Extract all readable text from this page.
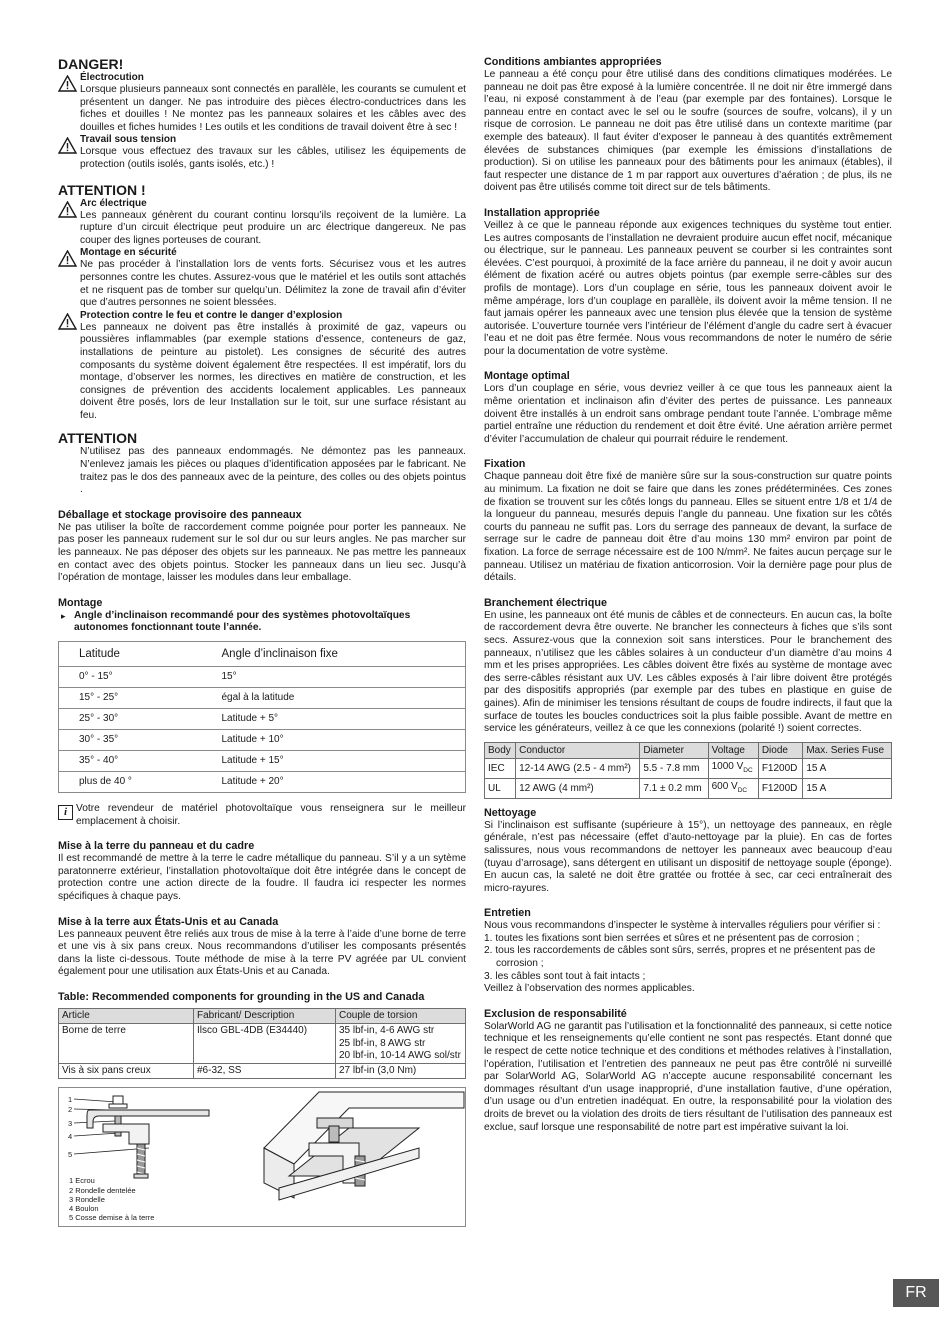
DANGER!
Électrocution

Lorsque plusieurs panneaux sont connectés en parallèle, les courants se cumulent et présentent un danger. Ne pas introduire des pièces électro-conductrices dans les fiches et douilles ! Ne montez pas les panneaux solaires et les câbles avec des douilles et fiches humides ! Les outils et les conditions de travail doivent être à sec !

Travail sous tension

Lorsque vous effectuez des travaux sur les câbles, utilisez les équipements de protection (outils isolés, gants isolés, etc.) !

ATTENTION !
Arc électrique

Les panneaux génèrent du courant continu lorsqu’ils reçoivent de la lumière. La rupture d’un circuit électrique peut produire un arc électrique dangereux. Ne pas couper des lignes porteuses de courant.

Montage en sécurité

Ne pas procéder à l’installation lors de vents forts. Sécurisez vous et les autres personnes contre les chutes. Assurez-vous que le matériel et les outils sont attachés et ne risquent pas de tomber sur quelqu’un. Délimitez la zone de travail afin d’éviter que d’autres personnes ne soient blessées.

Protection contre le feu et contre le danger d’explosion

Les panneaux ne doivent pas être installés à proximité de gaz, vapeurs ou poussières inflammables (par exemple stations d’essence, conteneurs de gaz, installations de peinture au pistolet). Les consignes de sécurité des autres composants du système doivent également être respectées. Il est impératif, lors du montage, d’observer les normes, les directives en matière de construction, et les consignes de prévention des accidents localement applicables. Les panneaux doivent être posés, lors de leur Installation sur le toit, sur une surface résistant au feu.

ATTENTION

N’utilisez pas des panneaux endommagés. Ne démontez pas les panneaux. N’enlevez jamais les pièces ou plaques d’identification apposées par le fabricant. Ne traitez pas le dos des panneaux avec de la peinture, des colles ou des objets pointus .

Déballage et stockage provisoire des panneaux

Ne pas utiliser la boîte de raccordement comme poignée pour porter les panneaux. Ne pas poser les panneaux rudement sur le sol dur ou sur leurs angles. Ne pas marcher sur les panneaux. Ne pas déposer des objets sur les panneaux. Ne pas mettre les panneaux en contact avec des objets pointus. Stocker les panneaux dans un lieu sec. Jusqu’à l’opération de montage, laisser les modules dans leur emballage.

Montage
▸ Angle d’inclinaison recommandé pour des systèmes photovoltaïques autonomes fonctionnant toute l’année.
Latitude	Angle d’inclinaison fixe
0° - 15°	15°
15° - 25°	égal à la latitude
25° - 30°	Latitude + 5°
30° - 35°	Latitude + 10°
35° - 40°	Latitude + 15°
plus de 40 °	Latitude + 20°
i Votre revendeur de matériel photovoltaïque vous renseignera sur le meilleur emplacement à choisir.

Mise à la terre du panneau et du cadre

Il est recommandé de mettre à la terre le cadre métallique du panneau. S’il y a un sytème paratonnerre extérieur, l’installation photovoltaïque doit être intégrée dans le concept de protection contre une action directe de la foudre. Il faudra ici respecter les normes spécifiques à chaque pays.

Mise à la terre aux États-Unis et au Canada

Les panneaux peuvent être reliés aux trous de mise à la terre à l’aide d’une borne de terre et une vis à six pans creux. Nous recommandons d’utiliser les composants présentés dans la liste ci-dessous. Toute méthode de mise à la terre PV agréée par UL convient également pour une utilisation aux États-Unis et au Canada.

Table: Recommended components for grounding in the US and Canada
Article	Fabricant/ Description	Couple de torsion
Borne de terre	Ilsco GBL-4DB (E34440)	35 lbf-in, 4-6 AWG str
25 lbf-in, 8 AWG str
20 lbf-in, 10-14 AWG sol/str

Vis à six pans creux	#6-32, SS	27 lbf-in (3,0 Nm)
1
2
3
4
5
1 Ecrou
2 Rondelle dentelée
3 Rondelle
4 Boulon
5 Cosse demise à la terre
Conditions ambiantes appropriées

Le panneau a été conçu pour être utilisé dans des conditions climatiques modérées. Le panneau ne doit pas être exposé à la lumière concentrée. Il ne doit nir être immergé dans l’eau, ni exposé constamment à de l’eau (par exemple par des fontaines). Lorsque le panneau entre en contact avec le sel ou le soufre (sources de soufre, volcans), il y un risque de corrosion. Le panneau ne doit pas être utilisé dans un contexte maritime (par exemple des bateaux). Il faut éviter d’exposer le panneau à des quantités extrêmement élevées de substances chimiques (par exemple les émissions d’installations de production). Si on utilise les panneaux pour des bâtiments pour les animaux (étables), il faut respecter une distance de 1 m par rapport aux ouvertures d’aération ; de plus, ils ne doivent pas être utilisés comme toit direct sur de tels bâtiments.

Installation appropriée

Veillez à ce que le panneau réponde aux exigences techniques du système tout entier. Les autres composants de l’installation ne devraient produire aucun effet nocif, mécanique ou électrique, sur le panneau. Les panneaux peuvent se courber si les contraintes sont élevées. C’est pourquoi, à proximité de la face arrière du panneau, il ne doit y avoir aucun élément de fixation acéré ou autres objets pointus (par exemple serre-câbles sur des profils de montage). Lors d’un couplage en série, tous les panneaux doivent avoir le même ampérage, lors d’un couplage en parallèle, ils doivent avoir la même tension. Il ne faut jamais opérer les panneaux avec une tension plus élevée que la tension de système autorisée. L’ouverture tournée vers l’intérieur de l’élément d’angle du cadre sert à évacuer l’eau et ne doit pas être fermée. Nous vous recommandons de noter le numéro de série pour la documentation de votre système.

Montage optimal

Lors d’un couplage en série, vous devriez veiller à ce que tous les panneaux aient la même orientation et inclinaison afin d’éviter des pertes de puissance. Les panneaux doivent être installés à un endroit sans ombrage pendant toute l’année. L’ombrage même partiel entraîne une réduction du rendement et doit être évité. Une aération arrière permet d’éviter l’accumulation de chaleur qui pourrait réduire le rendement.

Fixation

Chaque panneau doit être fixé de manière sûre sur la sous-construction sur quatre points au minimum. La fixation ne doit se faire que dans les zones prédéterminées. Ces zones de fixation se trouvent sur les côtés longs du panneau. Elles se situent entre 1/8 et 1/4 de la longueur du panneau, mesurés depuis l’angle du panneau. Une fixation sur les côtés courts du panneau ne suffit pas. Lors du serrage des panneaux de devant, la surface de serrage sur le cadre de panneau doit être d’au moins 130 mm² environ par point de fixation. La force de serrage nécessaire est de 100 N/mm². Ne faites aucun perçage sur le panneau. Utilisez un matériau de fixation anticorrosion. Voir la dernière page pour plus de détails.

Branchement électrique

En usine, les panneaux ont été munis de câbles et de connecteurs. En aucun cas, la boîte de raccordement devra être ouverte. Ne brancher les connecteurs à fiches que s’ils sont secs. Assurez-vous que la connexion soit sans interstices. Pour le branchement des panneaux, n’utilisez que les câbles solaires à un conducteur d’un diamètre d’au moins 4 mm et les prises appropriées. Les câbles doivent être fixés au système de montage avec des serre-câbles résistant aux UV. Les câbles exposés à l’air libre doivent être protégés par des dispositifs appropriés (par exemple par des tubes en plastique en guise de gaines). Afin de minimiser les tensions résultant de coups de foudre indirects, il faut que la surface de toutes les boucles conductrices soit la plus faible possible. Avant de mettre en service les générateurs, veillez à ce que les connexions (polarité !) soient correctes.

Body	Conductor	Diameter	Voltage	Diode	Max. Series Fuse
IEC	12-14 AWG (2.5 - 4 mm²)	5.5 - 7.8 mm	1000 $V_{DC}$	F1200D	15 A
UL	12 AWG (4 mm²)	7.1 ± 0.2 mm	600 $V_{DC}$	F1200D	15 A
Nettoyage

Si l’inclinaison est suffisante (supérieure à 15°), un nettoyage des panneaux, en règle générale, n’est pas nécessaire (effet d’auto-nettoyage par la pluie). En cas de fortes salissures, nous vous recommandons de nettoyer les panneaux avec beaucoup d’eau (tuyau d’arrosage), sans détergent en utilisant un dispositif de nettoyage souple (éponge). En aucun cas, la saleté ne doit être grattée ou frottée à sec, car ceci entraînerait des micro-rayures.

Entretien

Nous vous recommandons d’inspecter le système à intervalles réguliers pour vérifier si :

1. toutes les fixations sont bien serrées et sûres et ne présentent pas de corrosion ;
2. tous les raccordements de câbles sont sûrs, serrés, propres et ne présentent pas de corrosion ;
3. les câbles sont tout à fait intacts ;

Veillez à l’observation des normes applicables.

Exclusion de responsabilité

SolarWorld AG ne garantit pas l’utilisation et la fonctionnalité des panneaux, si cette notice technique et les renseignements qu’elle contient ne sont pas respectés. Etant donné que le respect de cette notice technique et des conditions et méthodes relatives à l’installation, l’opération, l’utilisation et l’entretien des panneaux ne peut pas être contrôlé ni surveillé par SolarWorld AG, SolarWorld AG n’accepte aucune responsabilité concernant les dommages résultant d’un usage inapproprié, d’une installation fautive, d’une opération, d’un usage ou d’un entretien inadéquat. En outre, la responsabilité pour la violation des droits de brevet ou la violation des droits de tiers résultant de l’utilisation des panneaux est exclue, sauf lorsque une responsabilité de notre part est impérative suivant la loi.

FR
